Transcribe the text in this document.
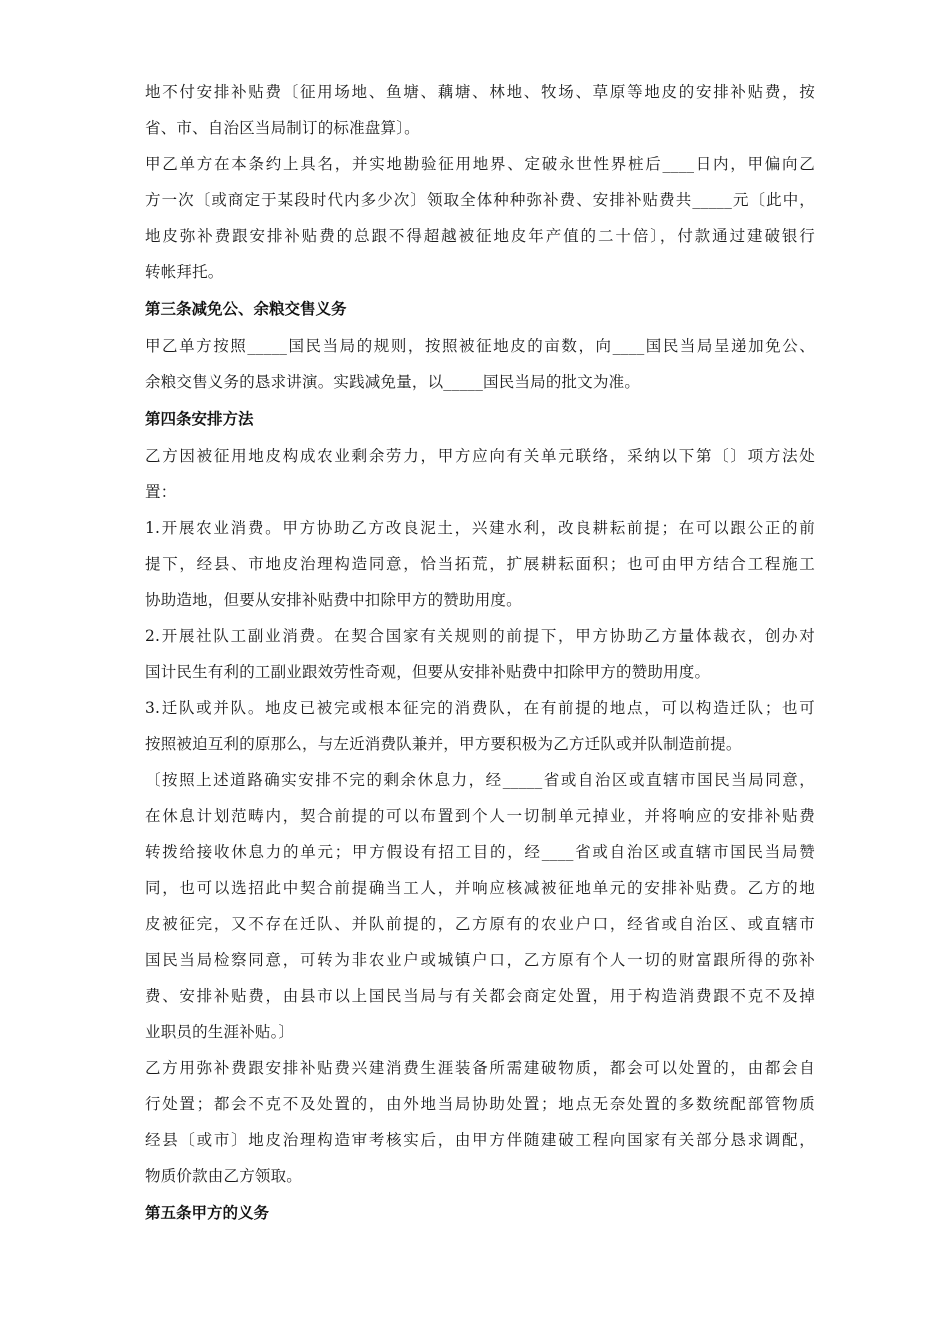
地不付安排补贴费〔征用场地、鱼塘、藕塘、林地、牧场、草原等地皮的安排补贴费，按
省、市、自治区当局制订的标准盘算〕。
甲乙单方在本条约上具名，并实地勘验征用地界、定破永世性界桩后____日内，甲偏向乙
方一次〔或商定于某段时代内多少次〕领取全体种种弥补费、安排补贴费共_____元〔此中，
地皮弥补费跟安排补贴费的总跟不得超越被征地皮年产值的二十倍〕，付款通过建破银行
转帐拜托。
第三条减免公、余粮交售义务
甲乙单方按照_____国民当局的规则，按照被征地皮的亩数，向____国民当局呈递加免公、
余粮交售义务的恳求讲演。实践减免量，以_____国民当局的批文为准。
第四条安排方法
乙方因被征用地皮构成农业剩余劳力，甲方应向有关单元联络，采纳以下第〔〕项方法处
置：
1.开展农业消费。甲方协助乙方改良泥土，兴建水利，改良耕耘前提；在可以跟公正的前
提下，经县、市地皮治理构造同意，恰当拓荒，扩展耕耘面积；也可由甲方结合工程施工
协助造地，但要从安排补贴费中扣除甲方的赞助用度。
2.开展社队工副业消费。在契合国家有关规则的前提下，甲方协助乙方量体裁衣，创办对
国计民生有利的工副业跟效劳性奇观，但要从安排补贴费中扣除甲方的赞助用度。
3.迁队或并队。地皮已被完或根本征完的消费队，在有前提的地点，可以构造迁队；也可
按照被迫互利的原那么，与左近消费队兼并，甲方要积极为乙方迁队或并队制造前提。
〔按照上述道路确实安排不完的剩余休息力，经_____省或自治区或直辖市国民当局同意，
在休息计划范畴内，契合前提的可以布置到个人一切制单元掉业，并将响应的安排补贴费
转拨给接收休息力的单元；甲方假设有招工目的，经____省或自治区或直辖市国民当局赞
同，也可以选招此中契合前提确当工人，并响应核减被征地单元的安排补贴费。乙方的地
皮被征完，又不存在迁队、并队前提的，乙方原有的农业户口，经省或自治区、或直辖市
国民当局检察同意，可转为非农业户或城镇户口，乙方原有个人一切的财富跟所得的弥补
费、安排补贴费，由县市以上国民当局与有关都会商定处置，用于构造消费跟不克不及掉
业职员的生涯补贴。〕
乙方用弥补费跟安排补贴费兴建消费生涯装备所需建破物质，都会可以处置的，由都会自
行处置；都会不克不及处置的，由外地当局协助处置；地点无奈处置的多数统配部管物质
经县〔或市〕地皮治理构造审考核实后，由甲方伴随建破工程向国家有关部分恳求调配，
物质价款由乙方领取。
第五条甲方的义务
